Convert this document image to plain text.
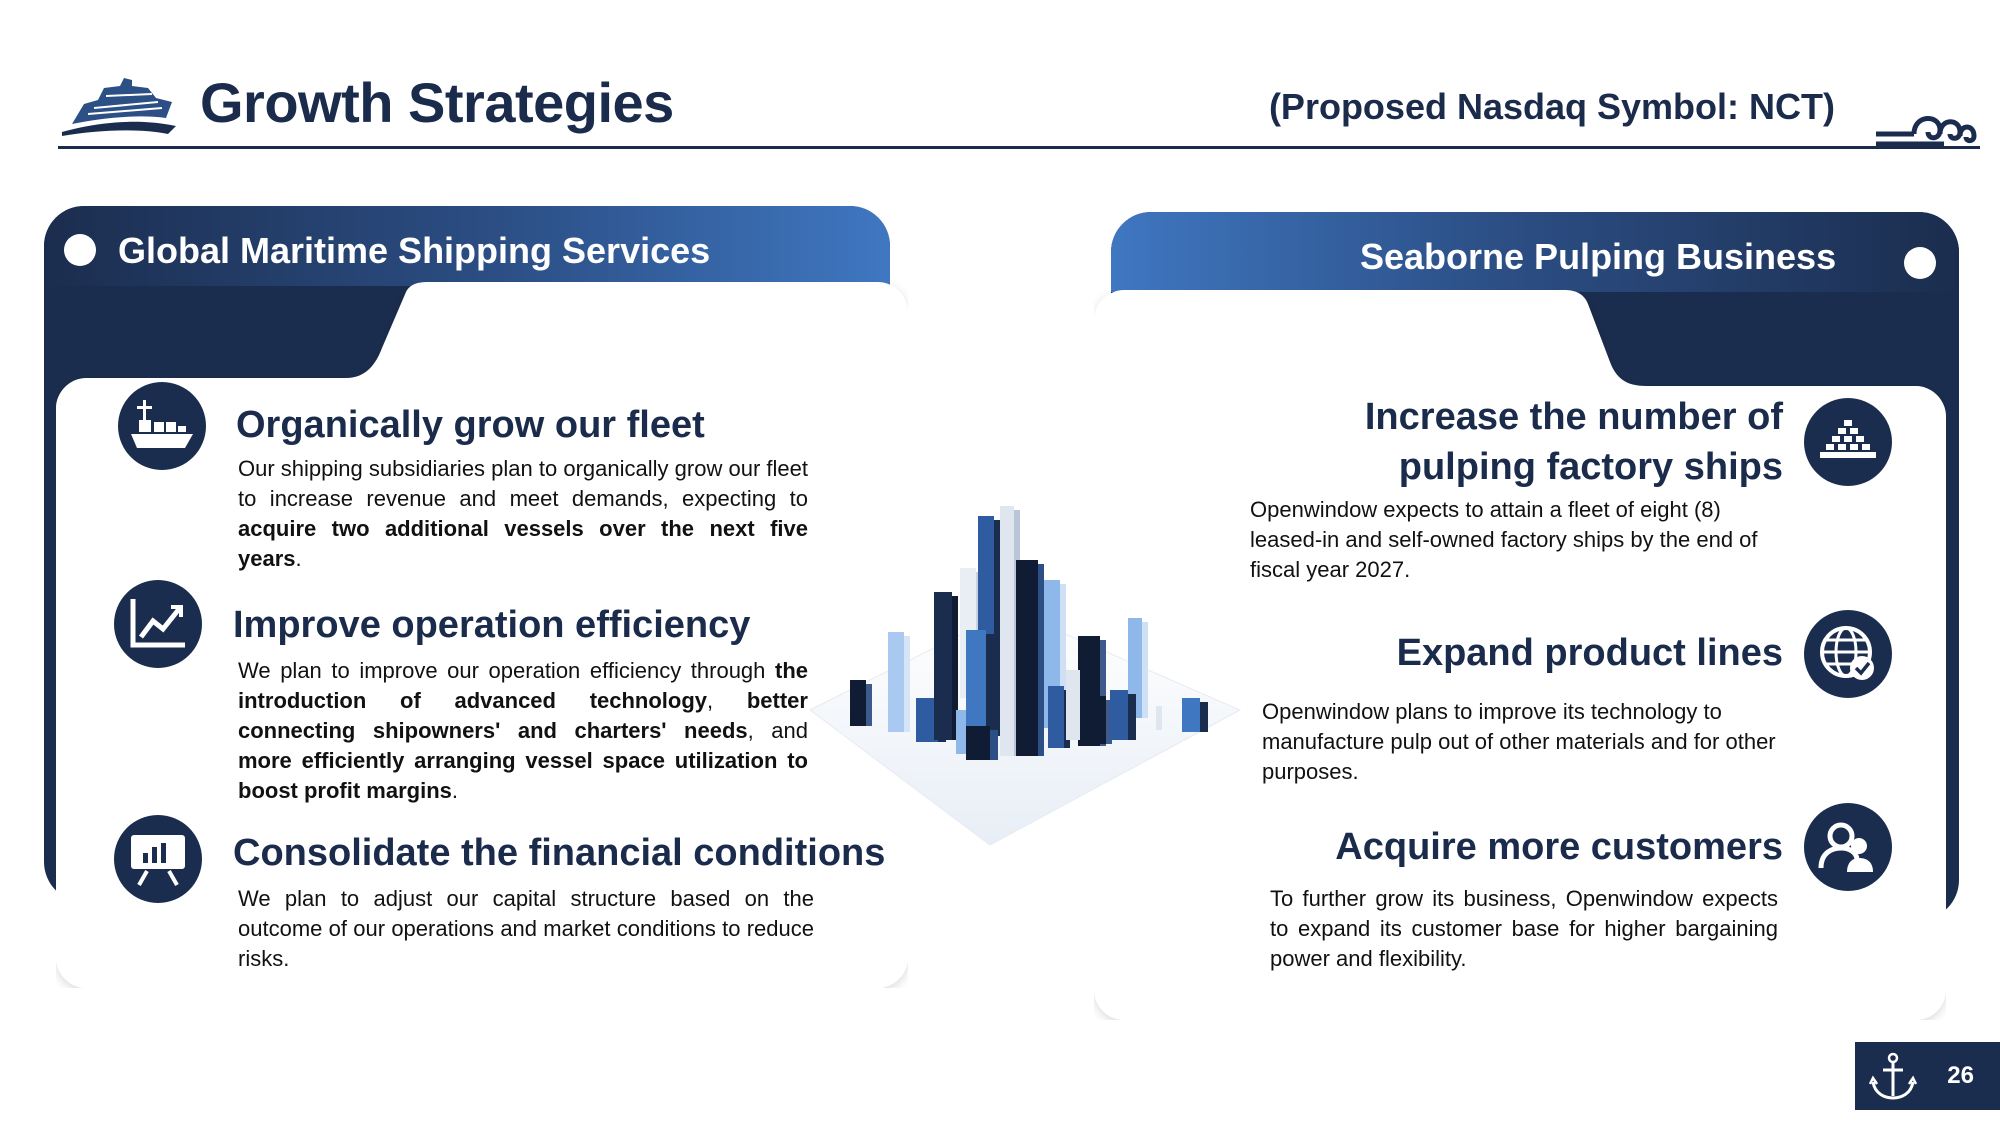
Growth Strategies	(Proposed Nasdaq Symbol: NCT)
Global Maritime Shipping Services
Organically grow our fleet
Our shipping subsidiaries plan to organically grow our fleet to increase revenue and meet demands, expecting to acquire two additional vessels over the next five years.
Improve operation efficiency
We plan to improve our operation efficiency through the introduction of advanced technology, better connecting shipowners' and charters' needs, and more efficiently arranging vessel space utilization to boost profit margins.
Consolidate the financial conditions
We plan to adjust our capital structure based on the outcome of our operations and market conditions to reduce risks.
Seaborne Pulping Business
Increase the number of
pulping factory ships
Openwindow expects to attain a fleet of eight (8) leased-in and self-owned factory ships by the end of fiscal year 2027.
Expand product lines
Openwindow plans to improve its technology to manufacture pulp out of other materials and for other purposes.
Acquire more customers
To further grow its business, Openwindow expects to expand its customer base for higher bargaining power and flexibility.
26
